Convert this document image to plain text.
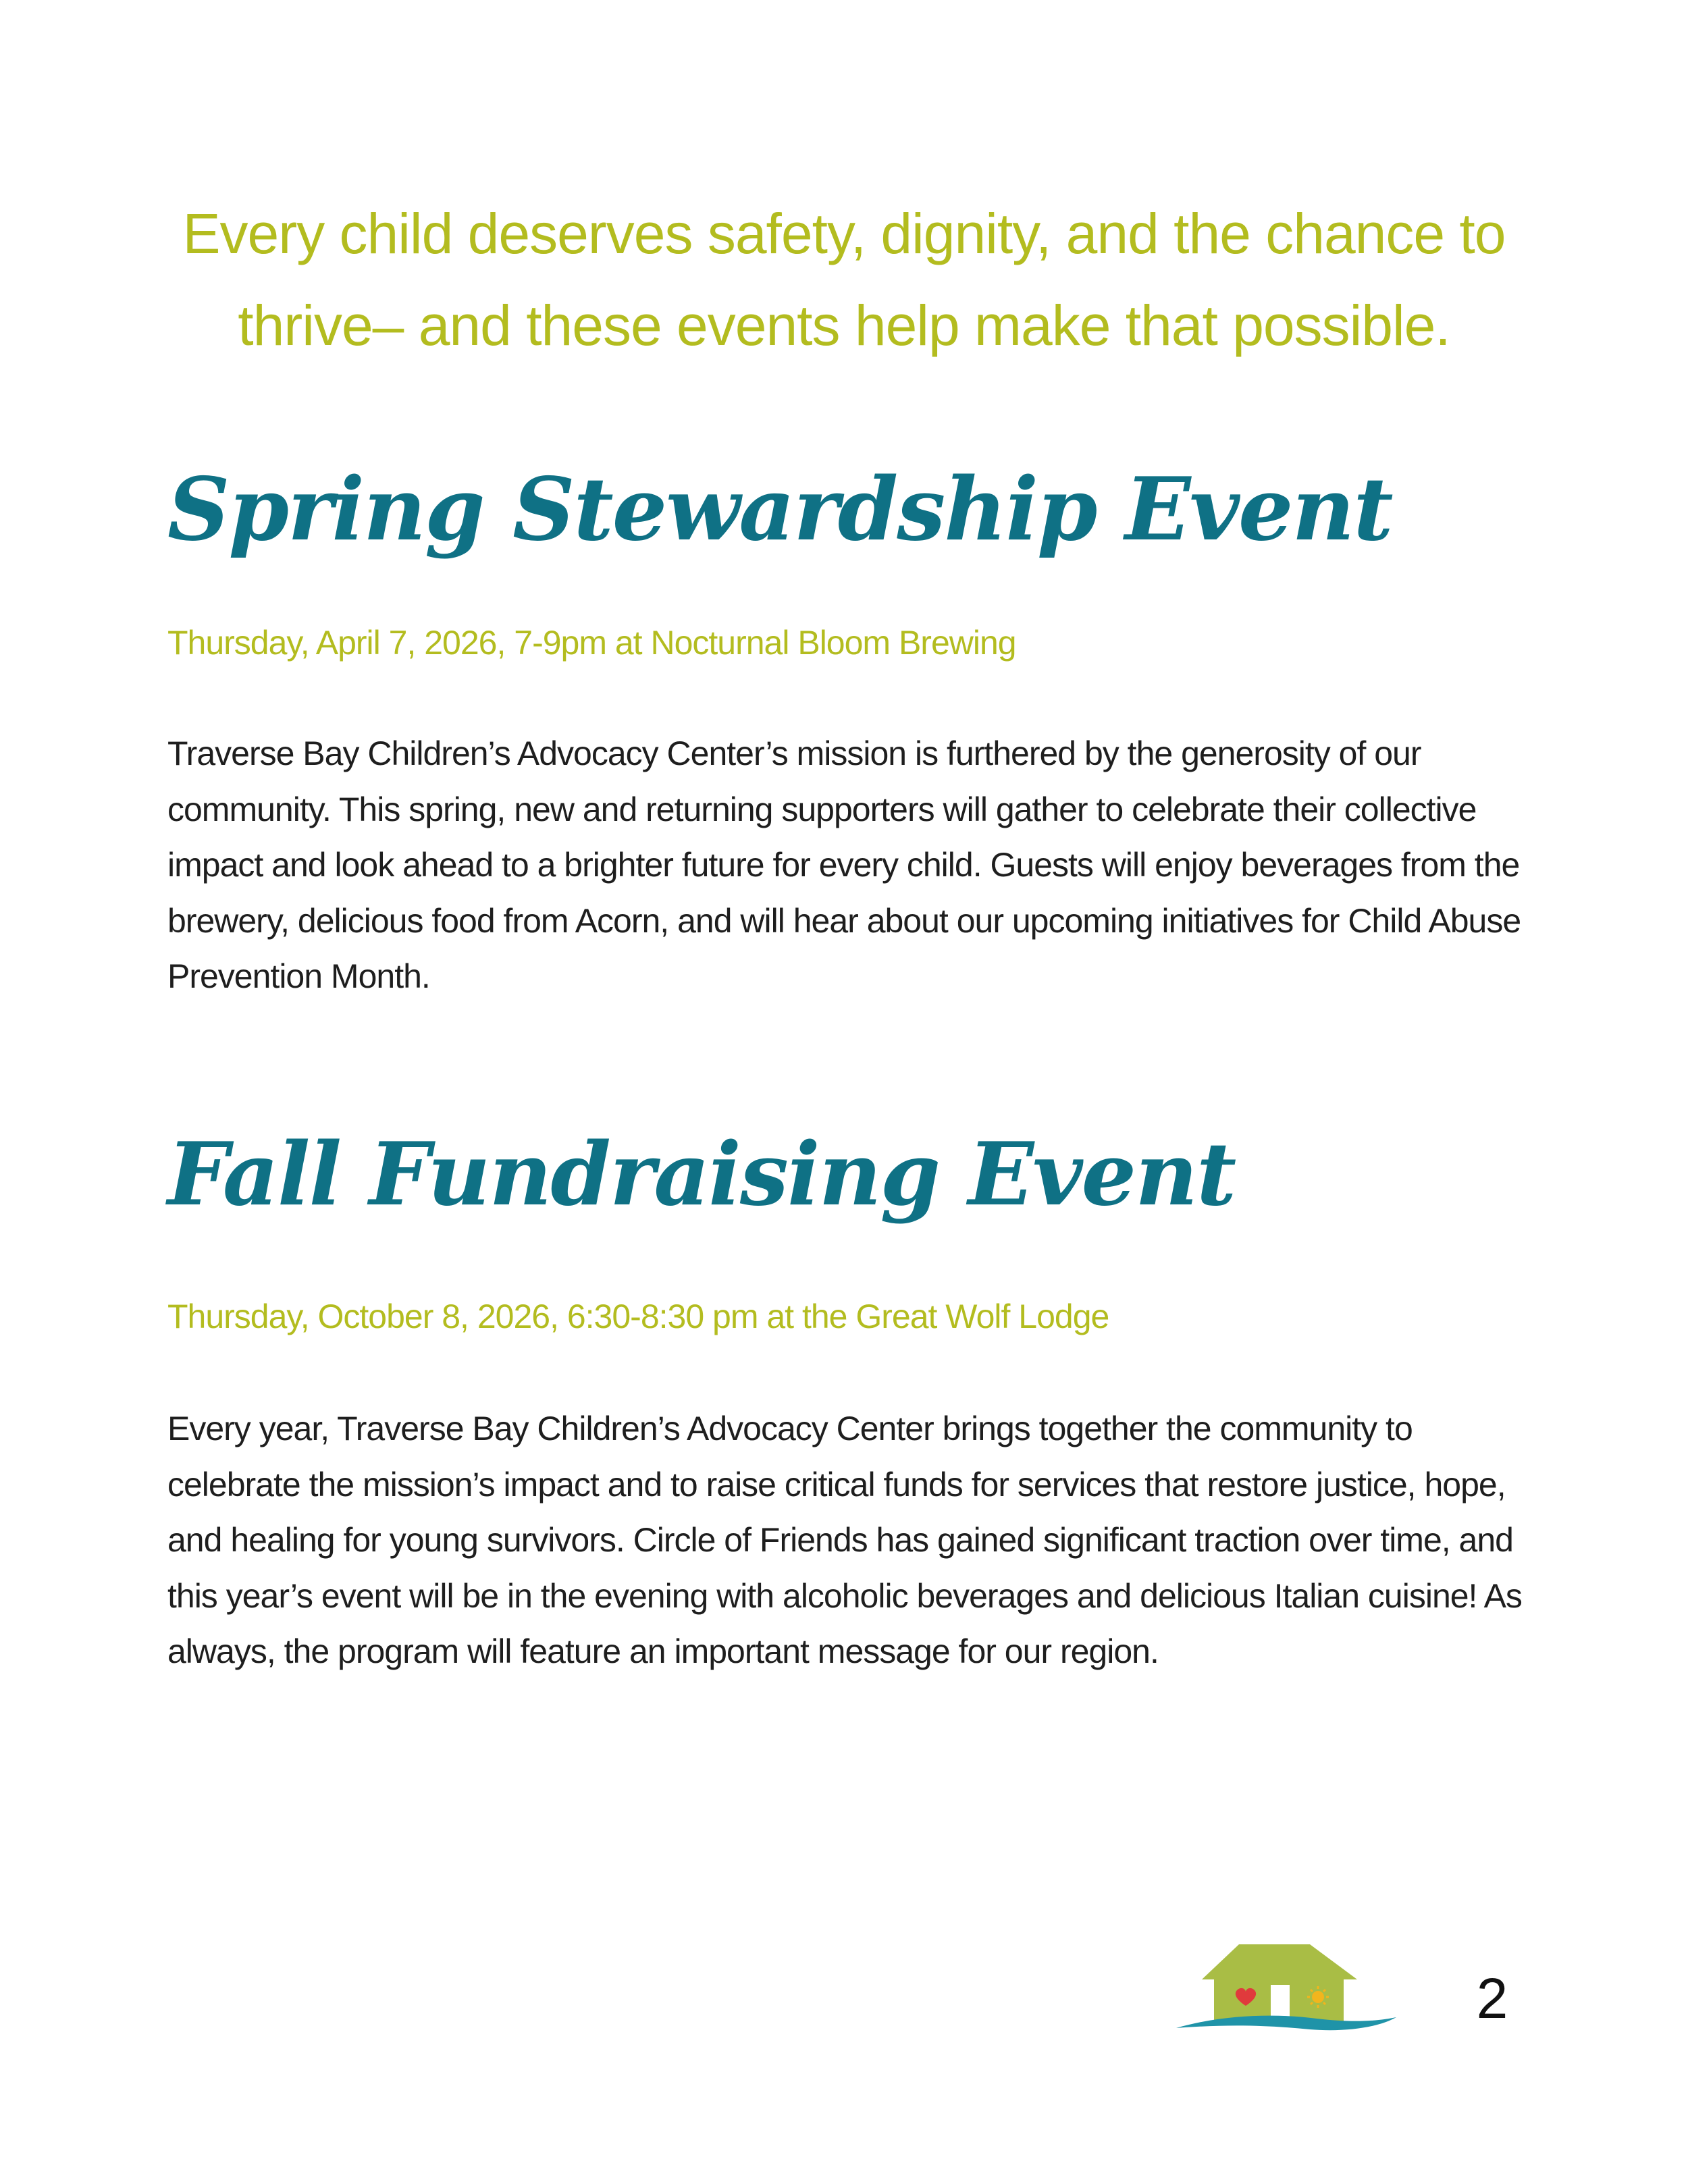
Every child deserves safety, dignity, and the chance to thrive– and these events help make that possible.

Spring Stewardship Event

Thursday, April 7, 2026, 7-9pm at Nocturnal Bloom Brewing

Traverse Bay Children’s Advocacy Center’s mission is furthered by the generosity of our community. This spring, new and returning supporters will gather to celebrate their collective impact and look ahead to a brighter future for every child. Guests will enjoy beverages from the brewery, delicious food from Acorn, and will hear about our upcoming initiatives for Child Abuse Prevention Month.

Fall Fundraising Event

Thursday, October 8, 2026, 6:30-8:30 pm at the Great Wolf Lodge

Every year, Traverse Bay Children’s Advocacy Center brings together the community to celebrate the mission’s impact and to raise critical funds for services that restore justice, hope, and healing for young survivors. Circle of Friends has gained significant traction over time, and this year’s event will be in the evening with alcoholic beverages and delicious Italian cuisine! As always, the program will feature an important message for our region.

2
